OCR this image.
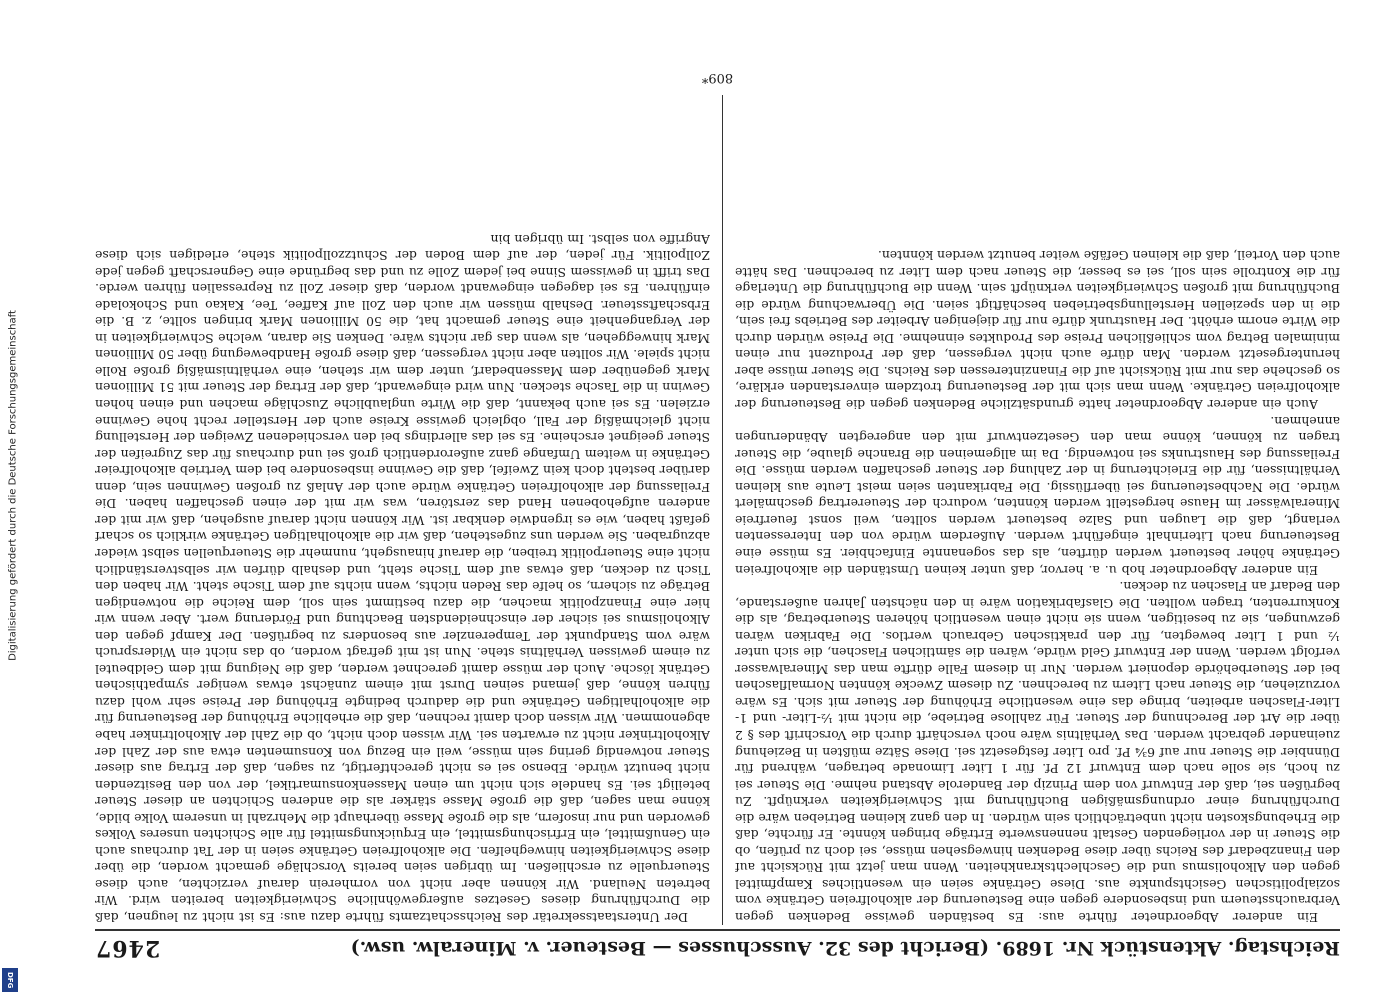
Reichstag. Aktenstück Nr. 1689. (Bericht des 32. Ausschusses — Besteuer. v. Mineralw. usw.)
2467

Ein anderer Abgeordneter führte aus: Es beständen gewisse Bedenken gegen Verbrauchssteuern und insbesondere gegen eine Besteuerung der alkoholfreien Getränke vom sozialpolitischen Gesichtspunkte aus. Diese Getränke seien ein wesentliches Kampfmittel gegen den Alkoholismus und die Geschlechtskrankheiten. Wenn man jetzt mit Rücksicht auf den Finanzbedarf des Reichs über diese Bedenken hinwegsehen müsse, sei doch zu prüfen, ob die Steuer in der vorliegenden Gestalt nennenswerte Erträge bringen könnte. Er fürchte, daß die Erhebungskosten nicht unbeträchtlich sein würden. In den ganz kleinen Betrieben wäre die Durchführung einer ordnungsmäßigen Buchführung mit Schwierigkeiten verknüpft. Zu begrüßen sei, daß der Entwurf von dem Prinzip der Banderole Abstand nehme. Die Steuer sei zu hoch, sie solle nach dem Entwurf 12 Pf. für 1 Liter Limonade betragen, während für Dünnbier die Steuer nur auf 6¾ Pf. pro Liter festgesetzt sei. Diese Sätze müßten in Beziehung zueinander gebracht werden. Das Verhältnis wäre noch verschärft durch die Vorschrift des § 2 über die Art der Berechnung der Steuer. Für zahllose Betriebe, die nicht mit ½-Liter- und 1-Liter-Flaschen arbeiten, bringe das eine wesentliche Erhöhung der Steuer mit sich. Es wäre vorzuziehen, die Steuer nach Litern zu berechnen. Zu diesem Zwecke könnten Normalflaschen bei der Steuerbehörde deponiert werden. Nur in diesem Falle dürfte man das Mineralwasser verfolgt werden. Wenn der Entwurf Geld würde, wären die sämtlichen Flaschen, die sich unter ½ und 1 Liter bewegten, für den praktischen Gebrauch wertlos. Die Fabriken wären gezwungen, sie zu beseitigen, wenn sie nicht einen wesentlich höheren Steuerbetrag, als die Konkurrenten, tragen wollten. Die Glasfabrikation wäre in den nächsten Jahren außerstande, den Bedarf an Flaschen zu decken.

Ein anderer Abgeordneter hob u. a. hervor, daß unter keinen Umständen die alkoholfreien Getränke höher besteuert werden dürften, als das sogenannte Einfachbier. Es müsse eine Besteuerung nach Literinhalt eingeführt werden. Außerdem würde von den Interessenten verlangt, daß die Laugen und Salze besteuert werden sollten, weil sonst feuerfreie Mineralwässer im Hause hergestellt werden könnten, wodurch der Steuerertrag geschmälert würde. Die Nachbesteuerung sei überflüssig. Die Fabrikanten seien meist Leute aus kleinen Verhältnissen, für die Erleichterung in der Zahlung der Steuer geschaffen werden müsse. Die Freilassung des Haustrunks sei notwendig. Da im allgemeinen die Branche glaube, die Steuer tragen zu können, könne man den Gesetzentwurf mit den angeregten Abänderungen annehmen.

Auch ein anderer Abgeordneter hatte grundsätzliche Bedenken gegen die Besteuerung der alkoholfreien Getränke. Wenn man sich mit der Besteuerung trotzdem einverstanden erkläre, so geschehe das nur mit Rücksicht auf die Finanzinteressen des Reichs. Die Steuer müsse aber heruntergesetzt werden. Man dürfe auch nicht vergessen, daß der Produzent nur einen minimalen Betrag vom schließlichen Preise des Produktes einnehme. Die Preise würden durch die Wirte enorm erhöht. Der Haustrunk dürfe nur für diejenigen Arbeiter des Betriebs frei sein, die in den speziellen Herstellungsbetrieben beschäftigt seien. Die Überwachung würde die Buchführung mit großen Schwierigkeiten verknüpft sein. Wenn die Buchführung die Unterlage für die Kontrolle sein soll, sei es besser, die Steuer nach dem Liter zu berechnen. Das hätte auch den Vorteil, daß die kleinen Gefäße weiter benutzt werden könnten.

Der Unterstaatssekretär des Reichsschatzamts führte dazu aus: Es ist nicht zu leugnen, daß die Durchführung dieses Gesetzes außergewöhnliche Schwierigkeiten bereiten wird. Wir betreten Neuland. Wir können aber nicht von vornherein darauf verzichten, auch diese Steuerquelle zu erschließen. Im übrigen seien bereits Vorschläge gemacht worden, die über diese Schwierigkeiten hinweghelfen. Die alkoholfreien Getränke seien in der Tat durchaus auch ein Genußmittel, ein Erfrischungsmittel, ein Erquickungsmittel für alle Schichten unseres Volkes geworden und nur insofern, als die große Masse überhaupt die Mehrzahl in unserem Volke bilde, könne man sagen, daß die große Masse stärker als die anderen Schichten an dieser Steuer beteiligt sei. Es handele sich nicht um einen Massenkonsumartikel, der von den Besitzenden nicht benutzt würde. Ebenso sei es nicht gerechtfertigt, zu sagen, daß der Ertrag aus dieser Steuer notwendig gering sein müsse, weil ein Bezug von Konsumenten etwa aus der Zahl der Alkoholtrinker nicht zu erwarten sei. Wir wissen doch nicht, ob die Zahl der Alkoholtrinker habe abgenommen. Wir wissen doch damit rechnen, daß die erhebliche Erhöhung der Besteuerung für die alkoholhaltigen Getränke und die dadurch bedingte Erhöhung der Preise sehr wohl dazu führen könne, daß jemand seinen Durst mit einem zunächst etwas weniger sympathischen Getränk lösche. Auch der müsse damit gerechnet werden, daß die Neigung mit dem Geldbeutel zu einem gewissen Verhältnis stehe. Nun ist mit gefragt worden, ob das nicht ein Widerspruch wäre vom Standpunkt der Temperenzler aus besonders zu begrüßen. Der Kampf gegen den Alkoholismus sei sicher der einschneidendsten Beachtung und Förderung wert. Aber wenn wir hier eine Finanzpolitik machen, die dazu bestimmt sein soll, dem Reiche die notwendigen Beträge zu sichern, so helfe das Reden nichts, wenn nichts auf dem Tische steht. Wir haben den Tisch zu decken, daß etwas auf dem Tische steht, und deshalb dürfen wir selbstverständlich nicht eine Steuerpolitik treiben, die darauf hinausgeht, nunmehr die Steuerquellen selbst wieder abzugraben. Sie werden uns zugestehen, daß wir die alkoholhaltigen Getränke wirklich so scharf gefaßt haben, wie es irgendwie denkbar ist. Wir können nicht darauf ausgehen, daß wir mit der anderen aufgehobenen Hand das zerstören, was wir mit der einen geschaffen haben. Die Freilassung der alkoholfreien Getränke würde auch der Anlaß zu großen Gewinnen sein, denn darüber besteht doch kein Zweifel, daß die Gewinne insbesondere bei dem Vertrieb alkoholfreier Getränke in weitem Umfange ganz außerordentlich groß sei und durchaus für das Zugreifen der Steuer geeignet erscheine. Es sei das allerdings bei den verschiedenen Zweigen der Herstellung nicht gleichmäßig der Fall, obgleich gewisse Kreise auch der Hersteller recht hohe Gewinne erzielen. Es sei auch bekannt, daß die Wirte unglaubliche Zuschläge machen und einen hohen Gewinn in die Tasche stecken. Nun wird eingewandt, daß der Ertrag der Steuer mit 51 Millionen Mark gegenüber dem Massenbedarf, unter dem wir stehen, eine verhältnismäßig große Rolle nicht spiele. Wir sollten aber nicht vergessen, daß diese große Handbewegung über 50 Millionen Mark hinweggehen, als wenn das gar nichts wäre. Denken Sie daran, welche Schwierigkeiten in der Vergangenheit eine Steuer gemacht hat, die 50 Millionen Mark bringen sollte, z. B. die Erbschaftssteuer. Deshalb müssen wir auch den Zoll auf Kaffee, Tee, Kakao und Schokolade einführen. Es sei dagegen eingewandt worden, daß dieser Zoll zu Repressalien führen werde. Das trifft in gewissem Sinne bei jedem Zolle zu und das begründe eine Gegnerschaft gegen jede Zollpolitik. Für jeden, der auf dem Boden der Schutzzollpolitik stehe, erledigen sich diese Angriffe von selbst. Im übrigen bin

809*
Digitalisierung gefördert durch die Deutsche Forschungsgemeinschaft
DFG
